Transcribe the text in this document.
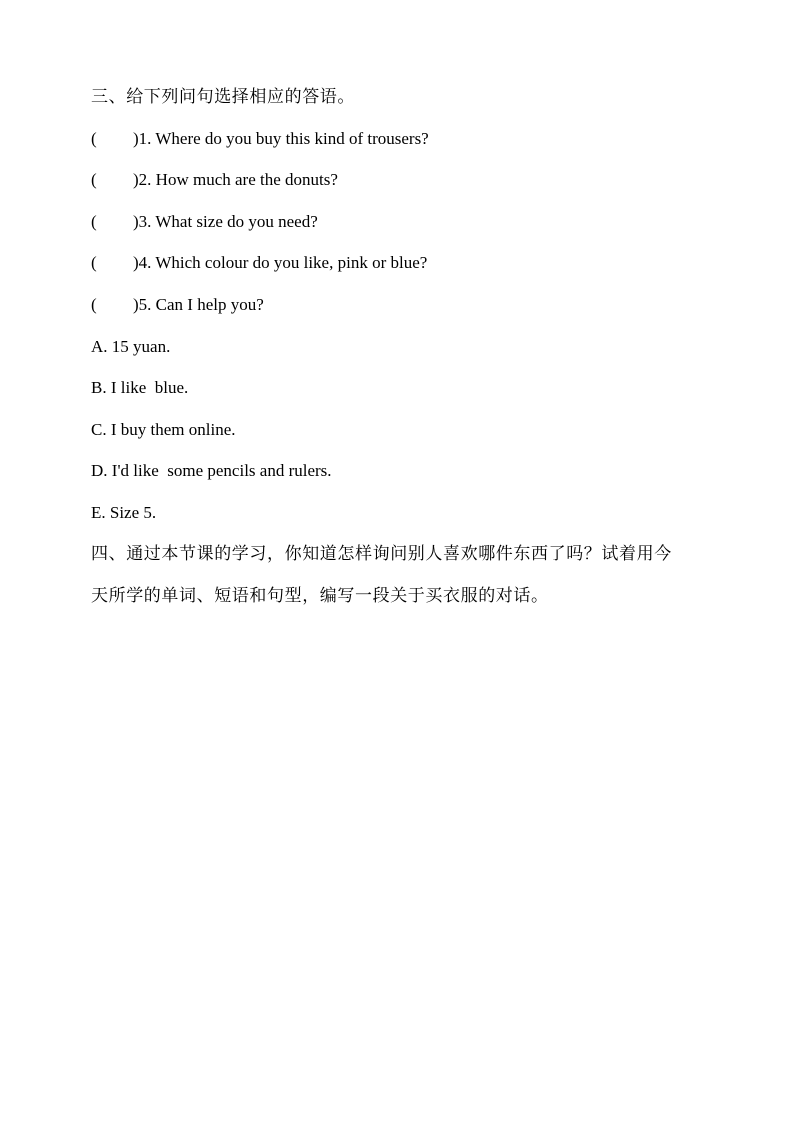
三、给下列问句选择相应的答语。
( )1. Where do you buy this kind of trousers?
( )2. How much are the donuts?
( )3. What size do you need?
( )4. Which colour do you like, pink or blue?
( )5. Can I help you?
A. 15 yuan.
B. I like  blue.
C. I buy them online.
D. I'd like  some pencils and rulers.
E. Size 5.
四、通过本节课的学习，你知道怎样询问别人喜欢哪件东西了吗？试着用今
天所学的单词、短语和句型，编写一段关于买衣服的对话。
